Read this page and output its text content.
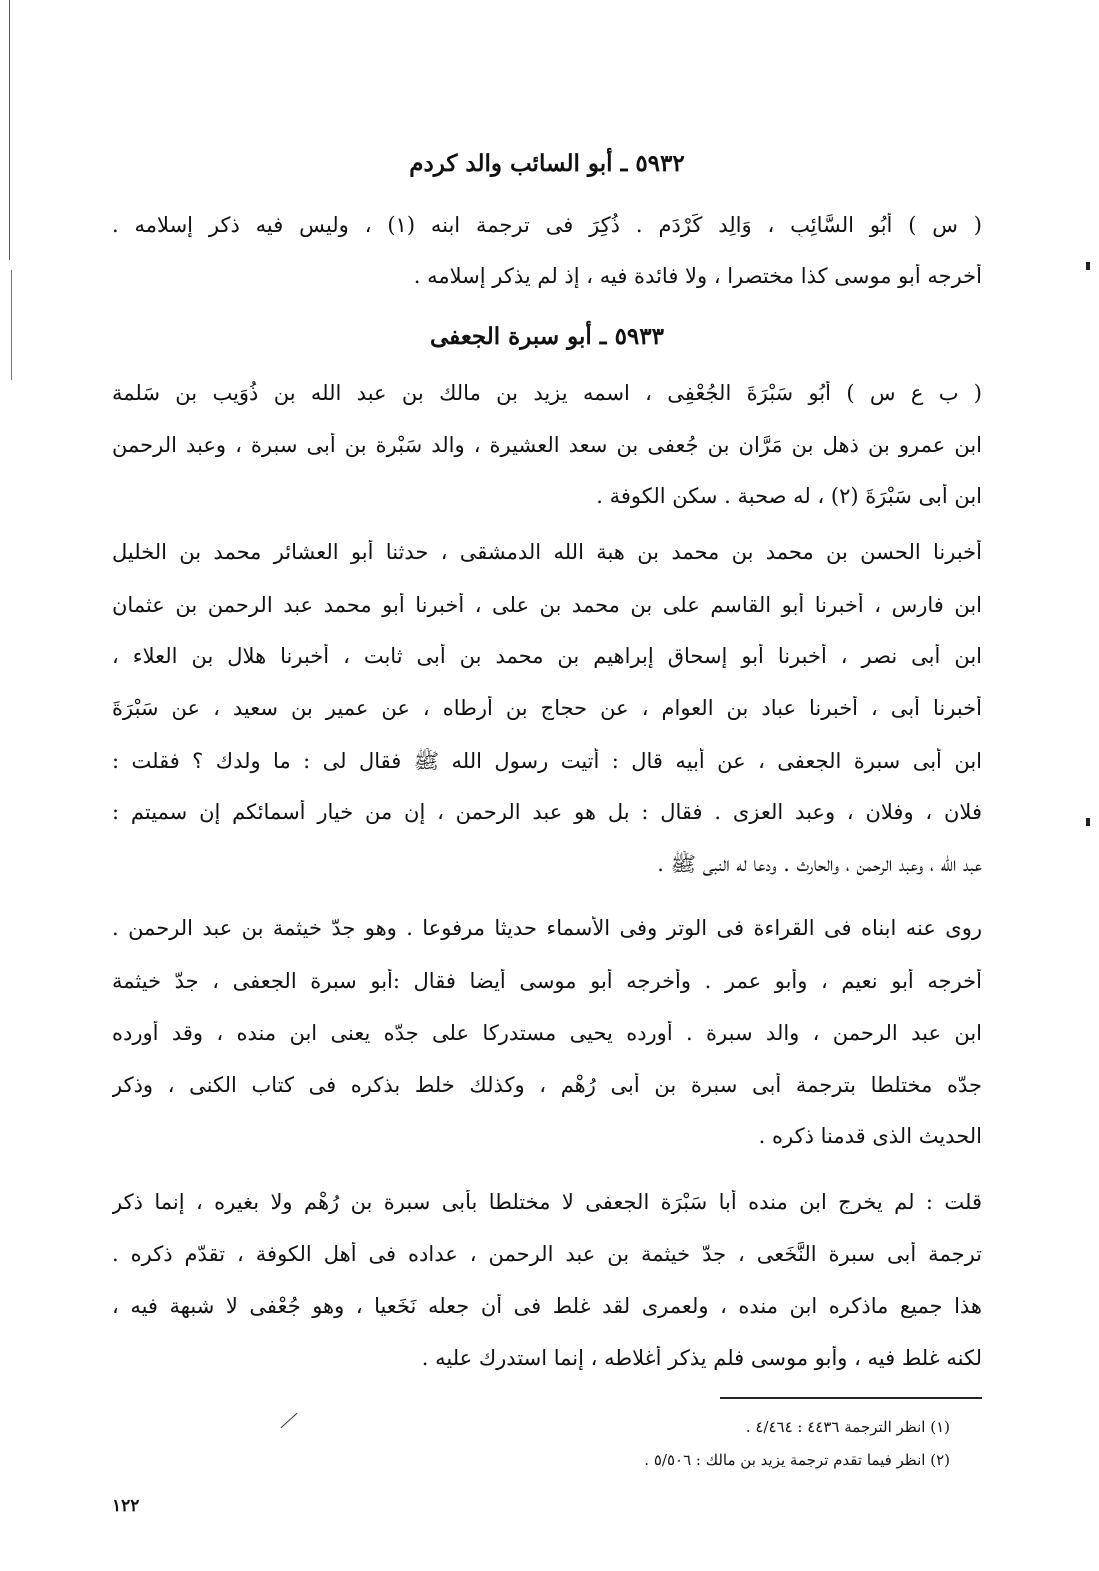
٥٩٣٢ ـ أبو السائب والد كردم
( س ) أَبُو السَّائِبِ ، وَالِد كَرْدَم . ذُكِرَ فى ترجمة ابنه (١) ، وليس فيه ذكر إسلامه .
أخرجه أبو موسى كذا مختصرا ، ولا فائدة فيه ، إذ لم يذكر إسلامه .
٥٩٣٣ ـ أبو سبرة الجعفى
( ب ع س ) أَبُو سَبْرَةَ الجُعْفِى ، اسمه يزيد بن مالك بن عبد الله بن ذُوَيب بن سَلمة
ابن عمرو بن ذهل بن مَرَّان بن جُعفى بن سعد العشيرة ، والد سَبْرة بن أبى سبرة ، وعبد الرحمن
ابن أبى سَبْرَةَ (٢) ، له صحبة . سكن الكوفة .
أخبرنا الحسن بن محمد بن محمد بن هبة الله الدمشقى ، حدثنا أبو العشائر محمد بن الخليل
ابن فارس ، أخبرنا أبو القاسم على بن محمد بن على ، أخبرنا أبو محمد عبد الرحمن بن عثمان
ابن أبى نصر ، أخبرنا أبو إسحاق إبراهيم بن محمد بن أبى ثابت ، أخبرنا هلال بن العلاء ،
أخبرنا أبى ، أخبرنا عباد بن العوام ، عن حجاج بن أرطاه ، عن عمير بن سعيد ، عن سَبْرَةَ
ابن أبى سبرة الجعفى ، عن أبيه قال : أتيت رسول الله ﷺ فقال لى : ما ولدك ؟ فقلت :
فلان ، وفلان ، وعبد العزى . فقال : بل هو عبد الرحمن ، إن من خيار أسمائكم إن سميتم :
عبد الله ، وعبد الرحمن ، والحارث . ودعا له النبى ﷺ .
روى عنه ابناه فى القراءة فى الوتر وفى الأسماء حديثا مرفوعا . وهو جدّ خيثمة بن عبد الرحمن .
أخرجه أبو نعيم ، وأبو عمر . وأخرجه أبو موسى أيضا فقال :أبو سبرة الجعفى ، جدّ خيثمة
ابن عبد الرحمن ، والد سبرة . أورده يحيى مستدركا على جدّه يعنى ابن منده ، وقد أورده
جدّه مختلطا بترجمة أبى سبرة بن أبى رُهْم ، وكذلك خلط بذكره فى كتاب الكنى ، وذكر
الحديث الذى قدمنا ذكره .
قلت : لم يخرج ابن منده أبا سَبْرَة الجعفى لا مختلطا بأبى سبرة بن رُهْم ولا بغيره ، إنما ذكر
ترجمة أبى سبرة النَّخَعى ، جدّ خيثمة بن عبد الرحمن ، عداده فى أهل الكوفة ، تقدّم ذكره .
هذا جميع ماذكره ابن منده ، ولعمرى لقد غلط فى أن جعله نَخَعيا ، وهو جُعْفى لا شبهة فيه ،
لكنه غلط فيه ، وأبو موسى فلم يذكر أغلاطه ، إنما استدرك عليه .
(١) انظر الترجمة ٤٤٣٦ : ٤/٤٦٤ .
(٢) انظر فيما تقدم ترجمة يزيد بن مالك : ٥/٥٠٦ .
١٢٢
